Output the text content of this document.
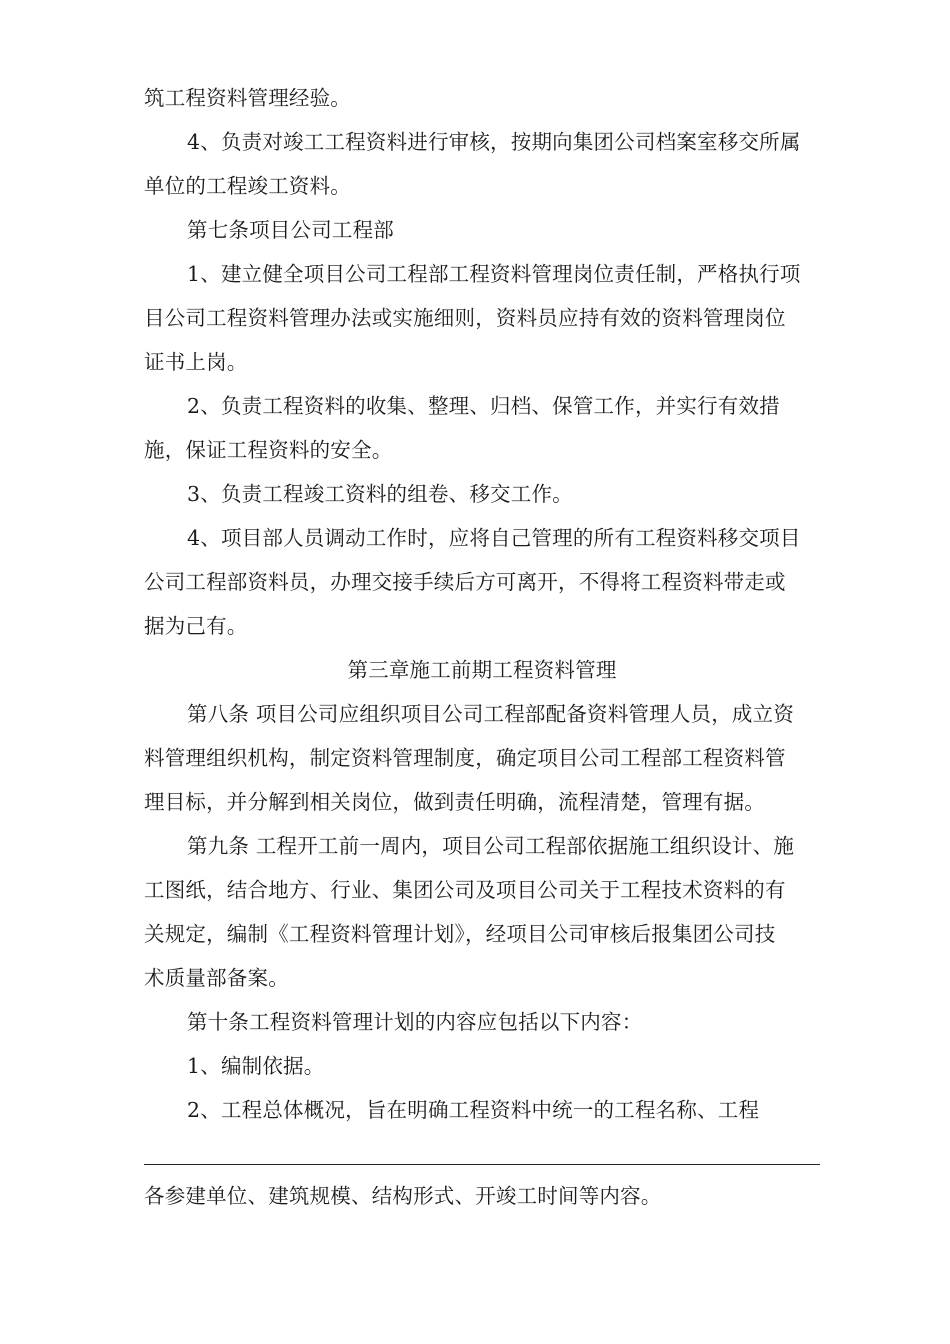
筑工程资料管理经验。
4、负责对竣工工程资料进行审核，按期向集团公司档案室移交所属
单位的工程竣工资料。
第七条项目公司工程部
1、建立健全项目公司工程部工程资料管理岗位责任制，严格执行项
目公司工程资料管理办法或实施细则，资料员应持有效的资料管理岗位
证书上岗。
2、负责工程资料的收集、整理、归档、保管工作，并实行有效措
施，保证工程资料的安全。
3、负责工程竣工资料的组卷、移交工作。
4、项目部人员调动工作时，应将自己管理的所有工程资料移交项目
公司工程部资料员，办理交接手续后方可离开，不得将工程资料带走或
据为己有。
第三章施工前期工程资料管理
第八条 项目公司应组织项目公司工程部配备资料管理人员，成立资
料管理组织机构，制定资料管理制度，确定项目公司工程部工程资料管
理目标，并分解到相关岗位，做到责任明确，流程清楚，管理有据。
第九条 工程开工前一周内，项目公司工程部依据施工组织设计、施
工图纸，结合地方、行业、集团公司及项目公司关于工程技术资料的有
关规定，编制《工程资料管理计划》，经项目公司审核后报集团公司技
术质量部备案。
第十条工程资料管理计划的内容应包括以下内容：
1、编制依据。
2、工程总体概况，旨在明确工程资料中统一的工程名称、工程
各参建单位、建筑规模、结构形式、开竣工时间等内容。
